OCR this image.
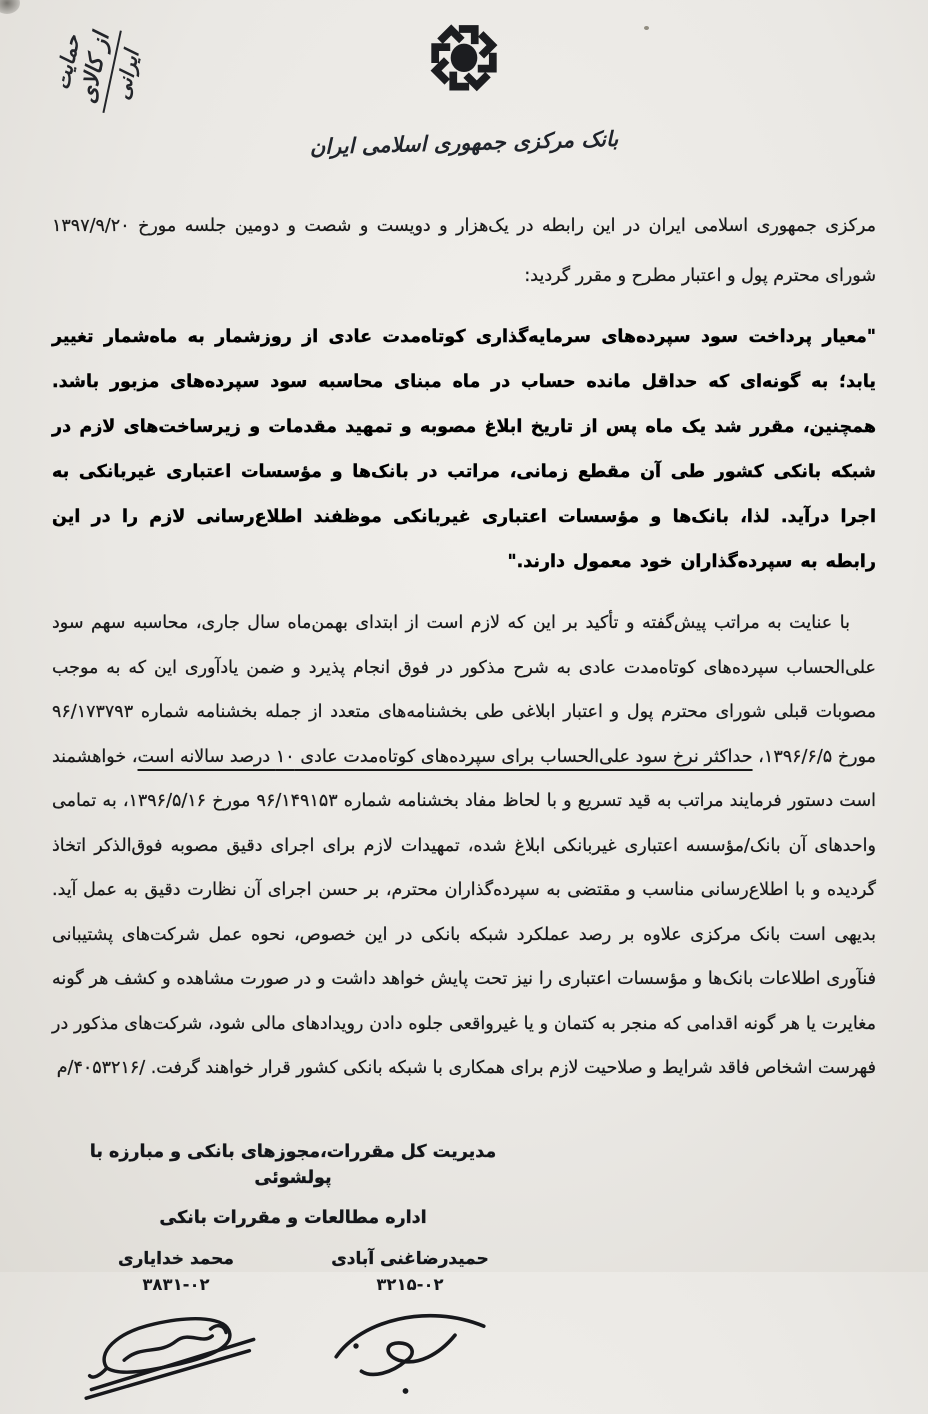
حمایت
از کالای
ایرانی
بانک مرکزی جمهوری اسلامی ایران

مرکزی جمهوری اسلامی ایران در این رابطه در یک‌هزار و دویست و شصت و دومین جلسه مورخ ۱۳۹۷/۹/۲۰ شورای محترم پول و اعتبار مطرح و مقرر گردید:

"معیار پرداخت سود سپرده‌های سرمایه‌گذاری کوتاه‌مدت عادی از روزشمار به ماه‌شمار تغییر یابد؛ به گونه‌ای که حداقل مانده حساب در ماه مبنای محاسبه سود سپرده‌های مزبور باشد. همچنین، مقرر شد یک ماه پس از تاریخ ابلاغ مصوبه و تمهید مقدمات و زیرساخت‌های لازم در شبکه بانکی کشور طی آن مقطع زمانی، مراتب در بانک‌ها و مؤسسات اعتباری غیربانکی به اجرا درآید. لذا، بانک‌ها و مؤسسات اعتباری غیربانکی موظفند اطلاع‌رسانی لازم را در این رابطه به سپرده‌گذاران خود معمول دارند."

با عنایت به مراتب پیش‌گفته و تأکید بر این که لازم است از ابتدای بهمن‌ماه سال جاری، محاسبه سهم سود علی‌الحساب سپرده‌های کوتاه‌مدت عادی به شرح مذکور در فوق انجام پذیرد و ضمن یادآوری این که به موجب مصوبات قبلی شورای محترم پول و اعتبار ابلاغی طی بخشنامه‌های متعدد از جمله بخشنامه شماره ۹۶/۱۷۳۷۹۳ مورخ ۱۳۹۶/۶/۵، حداکثر نرخ سود علی‌الحساب برای سپرده‌های کوتاه‌مدت عادی ۱۰ درصد سالانه است، خواهشمند است دستور فرمایند مراتب به قید تسریع و با لحاظ مفاد بخشنامه شماره ۹۶/۱۴۹۱۵۳ مورخ ۱۳۹۶/۵/۱۶، به تمامی واحدهای آن بانک/مؤسسه اعتباری غیربانکی ابلاغ شده، تمهیدات لازم برای اجرای دقیق مصوبه فوق‌الذکر اتخاذ گردیده و با اطلاع‌رسانی مناسب و مقتضی به سپرده‌گذاران محترم، بر حسن اجرای آن نظارت دقیق به عمل آید. بدیهی است بانک مرکزی علاوه بر رصد عملکرد شبکه بانکی در این خصوص، نحوه عمل شرکت‌های پشتیبانی فنآوری اطلاعات بانک‌ها و مؤسسات اعتباری را نیز تحت پایش خواهد داشت و در صورت مشاهده و کشف هر گونه مغایرت یا هر گونه اقدامی که منجر به کتمان و یا غیرواقعی جلوه دادن رویدادهای مالی شود، شرکت‌های مذکور در فهرست اشخاص فاقد شرایط و صلاحیت لازم برای همکاری با شبکه بانکی کشور قرار خواهند گرفت. /۴۰۵۳۲۱۶/م

مدیریت کل مقررات،مجوزهای بانکی و مبارزه با پولشوئی
اداره مطالعات و مقررات بانکی
حمیدرضاغنی آبادی
۳۲۱۵-۰۲
محمد خدایاری
۳۸۳۱-۰۲
